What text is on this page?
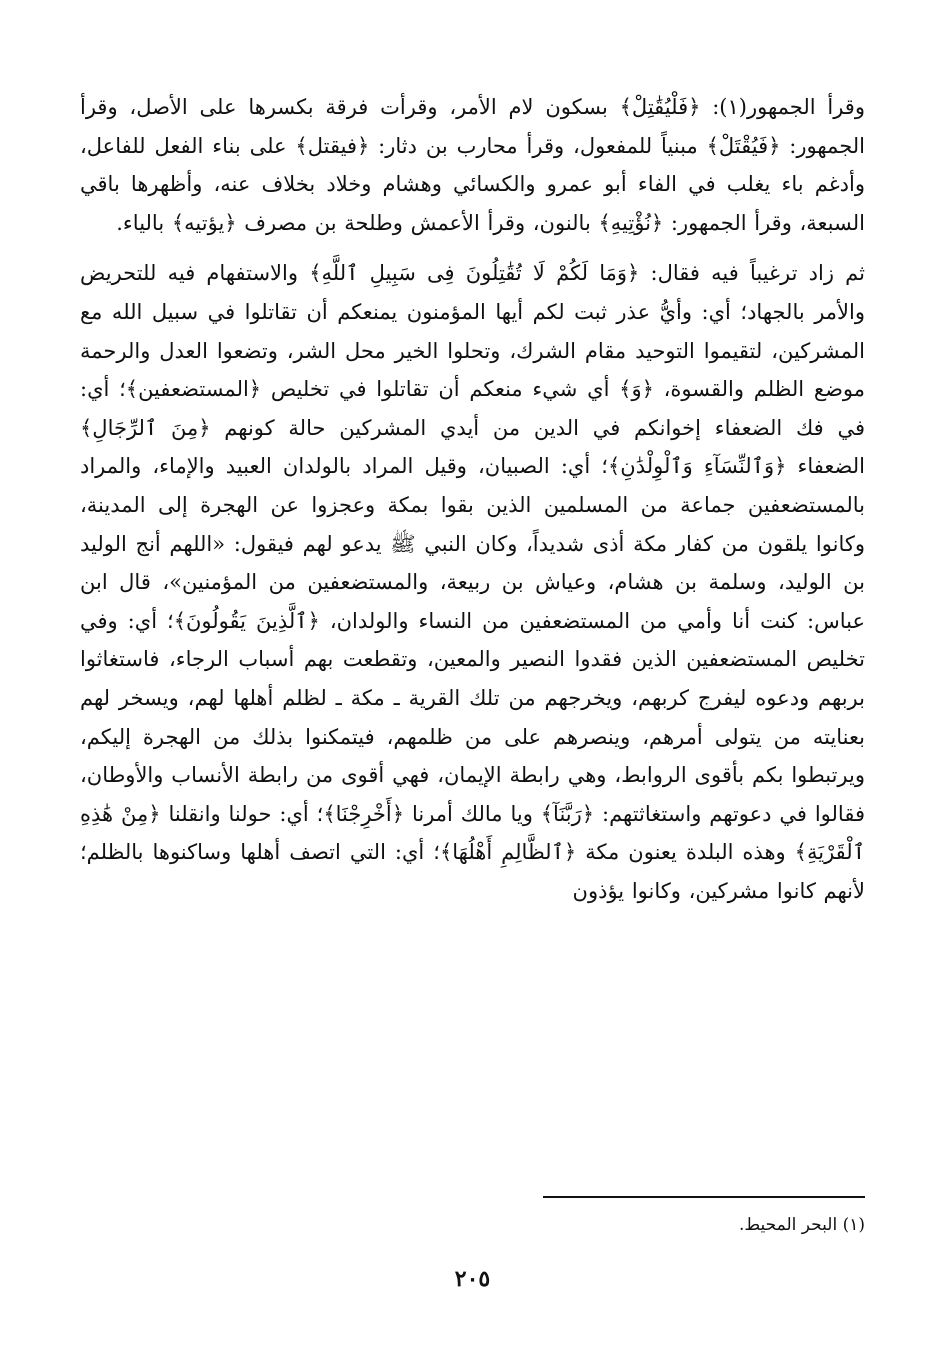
وقرأ الجمهور(١): ﴿فَلْيُقَٰتِلْ﴾ بسكون لام الأمر، وقرأت فرقة بكسرها على الأصل، وقرأ الجمهور: ﴿فَيُقْتَلْ﴾ مبنياً للمفعول، وقرأ محارب بن دثار: ﴿فيقتل﴾ على بناء الفعل للفاعل، وأدغم باء يغلب في الفاء أبو عمرو والكسائي وهشام وخلاد بخلاف عنه، وأظهرها باقي السبعة، وقرأ الجمهور: ﴿نُؤْتِيهِ﴾ بالنون، وقرأ الأعمش وطلحة بن مصرف ﴿يؤتيه﴾ بالياء.

ثم زاد ترغيباً فيه فقال: ﴿وَمَا لَكُمْ لَا تُقَٰتِلُونَ فِى سَبِيلِ ٱللَّهِ﴾ والاستفهام فيه للتحريض والأمر بالجهاد؛ أي: وأيُّ عذر ثبت لكم أيها المؤمنون يمنعكم أن تقاتلوا في سبيل الله مع المشركين، لتقيموا التوحيد مقام الشرك، وتحلوا الخير محل الشر، وتضعوا العدل والرحمة موضع الظلم والقسوة، ﴿وَ﴾ أي شيء منعكم أن تقاتلوا في تخليص ﴿المستضعفين﴾؛ أي: في فك الضعفاء إخوانكم في الدين من أيدي المشركين حالة كونهم ﴿مِنَ ٱلرِّجَالِ﴾ الضعفاء ﴿وَٱلنِّسَآءِ وَٱلْوِلْدَٰنِ﴾؛ أي: الصبيان، وقيل المراد بالولدان العبيد والإماء، والمراد بالمستضعفين جماعة من المسلمين الذين بقوا بمكة وعجزوا عن الهجرة إلى المدينة، وكانوا يلقون من كفار مكة أذى شديداً، وكان النبي ﷺ يدعو لهم فيقول: «اللهم أنج الوليد بن الوليد، وسلمة بن هشام، وعياش بن ربيعة، والمستضعفين من المؤمنين»، قال ابن عباس: كنت أنا وأمي من المستضعفين من النساء والولدان، ﴿ٱلَّذِينَ يَقُولُونَ﴾؛ أي: وفي تخليص المستضعفين الذين فقدوا النصير والمعين، وتقطعت بهم أسباب الرجاء، فاستغاثوا بربهم ودعوه ليفرج كربهم، ويخرجهم من تلك القرية ـ مكة ـ لظلم أهلها لهم، ويسخر لهم بعنايته من يتولى أمرهم، وينصرهم على من ظلمهم، فيتمكنوا بذلك من الهجرة إليكم، ويرتبطوا بكم بأقوى الروابط، وهي رابطة الإيمان، فهي أقوى من رابطة الأنساب والأوطان، فقالوا في دعوتهم واستغاثتهم: ﴿رَبَّنَآ﴾ ويا مالك أمرنا ﴿أَخْرِجْنَا﴾؛ أي: حولنا وانقلنا ﴿مِنْ هَٰذِهِ ٱلْقَرْيَةِ﴾ وهذه البلدة يعنون مكة ﴿ٱلظَّالِمِ أَهْلُهَا﴾؛ أي: التي اتصف أهلها وساكنوها بالظلم؛ لأنهم كانوا مشركين، وكانوا يؤذون

(١) البحر المحيط.
٢٠٥
